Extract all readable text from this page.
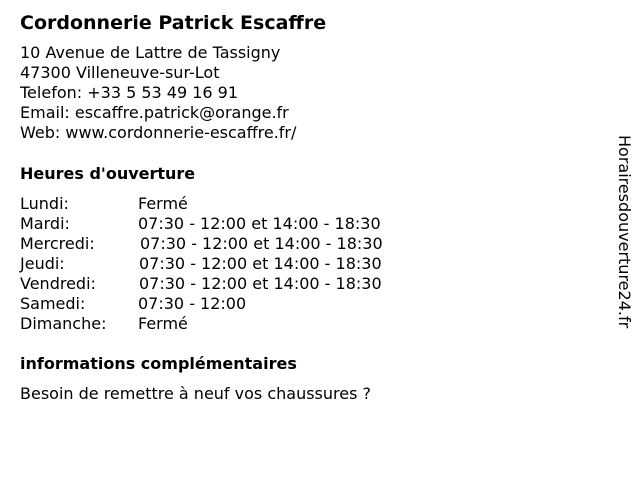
Cordonnerie Patrick Escaffre
10 Avenue de Lattre de Tassigny
47300 Villeneuve-sur-Lot
Telefon: +33 5 53 49 16 91
Email: escaffre.patrick@orange.fr
Web: www.cordonnerie-escaffre.fr/
Heures d'ouverture
Lundi:	Fermé
Mardi:	07:30 - 12:00 et 14:00 - 18:30
Mercredi:	07:30 - 12:00 et 14:00 - 18:30
Jeudi:	07:30 - 12:00 et 14:00 - 18:30
Vendredi:	07:30 - 12:00 et 14:00 - 18:30
Samedi:	07:30 - 12:00
Dimanche: Fermé
informations complémentaires
Besoin de remettre à neuf vos chaussures ?
Horairesdouverture24.fr
